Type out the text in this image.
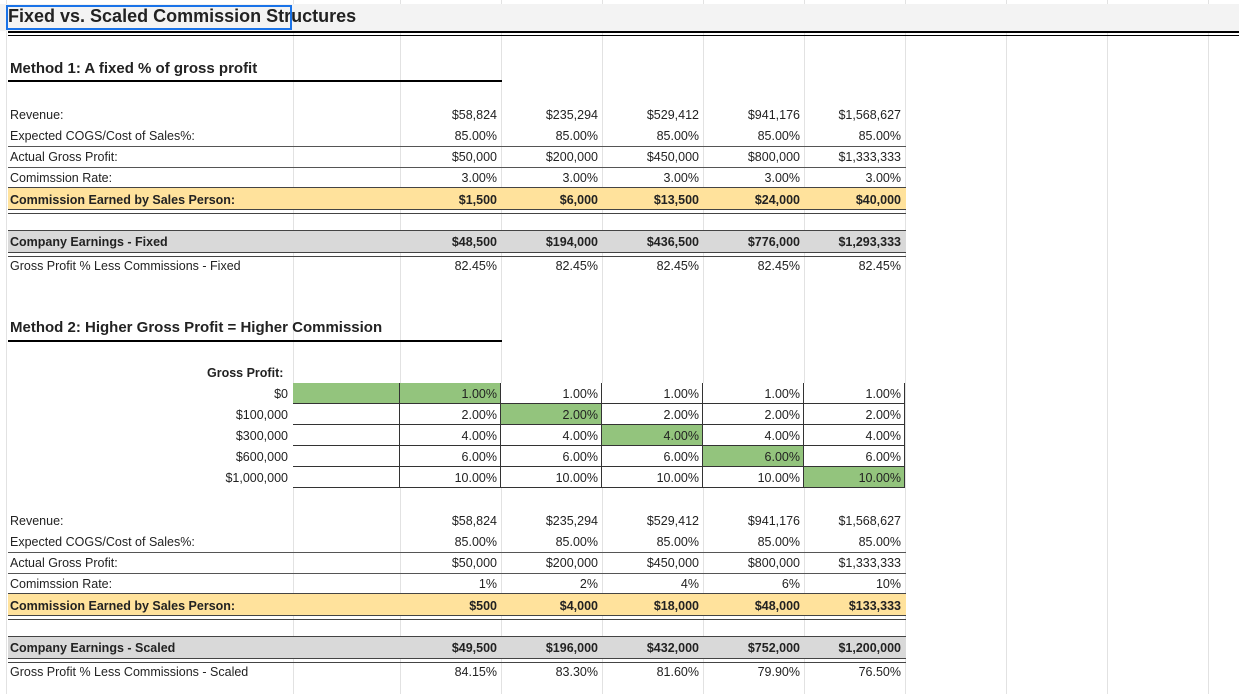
Fixed vs. Scaled Commission Structures
Method 1: A fixed % of gross profit
Method 2: Higher Gross Profit = Higher Commission
Gross Profit:
Revenue:	$58,824	$235,294	$529,412	$941,176	$1,568,627
Expected COGS/Cost of Sales%:	85.00%	85.00%	85.00%	85.00%	85.00%
Actual Gross Profit:	$50,000	$200,000	$450,000	$800,000	$1,333,333
Comimssion Rate:	3.00%	3.00%	3.00%	3.00%	3.00%
Commission Earned by Sales Person:	$1,500	$6,000	$13,500	$24,000	$40,000
Company Earnings - Fixed	$48,500	$194,000	$436,500	$776,000	$1,293,333
Gross Profit % Less Commissions - Fixed	82.45%	82.45%	82.45%	82.45%	82.45%
Revenue:	$58,824	$235,294	$529,412	$941,176	$1,568,627
Expected COGS/Cost of Sales%:	85.00%	85.00%	85.00%	85.00%	85.00%
Actual Gross Profit:	$50,000	$200,000	$450,000	$800,000	$1,333,333
Comimssion Rate:	1%	2%	4%	6%	10%
Commission Earned by Sales Person:	$500	$4,000	$18,000	$48,000	$133,333
Company Earnings - Scaled	$49,500	$196,000	$432,000	$752,000	$1,200,000
Gross Profit % Less Commissions - Scaled	84.15%	83.30%	81.60%	79.90%	76.50%
$0	1.00%	1.00%	1.00%	1.00%	1.00%
$100,000	2.00%	2.00%	2.00%	2.00%	2.00%
$300,000	4.00%	4.00%	4.00%	4.00%	4.00%
$600,000	6.00%	6.00%	6.00%	6.00%	6.00%
$1,000,000	10.00%	10.00%	10.00%	10.00%	10.00%
